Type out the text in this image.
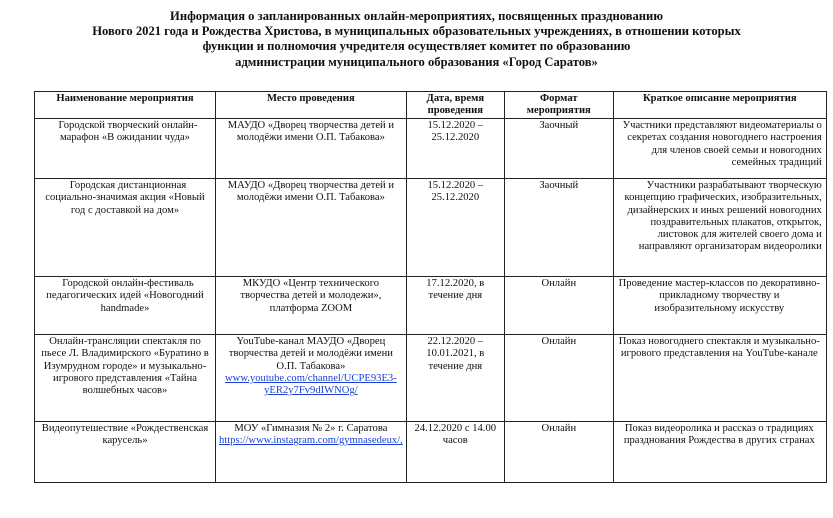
Информация о запланированных онлайн-мероприятиях, посвященных празднованию
Нового 2021 года и Рождества Христова, в муниципальных образовательных учреждениях, в отношении которых
функции и полномочия учредителя осуществляет комитет по образованию
администрации муниципального образования «Город Саратов»
Наименование мероприятия	Место проведения	Дата, время проведения	Формат мероприятия	Краткое описание мероприятия
Городской творческий онлайн-марафон «В ожидании чуда»	МАУДО «Дворец творчества детей и молодёжи имени О.П. Табакова»	15.12.2020 – 25.12.2020	Заочный	Участники представляют видеоматериалы о секретах создания новогоднего настроения для членов своей семьи и новогодних семейных традиций
Городская дистанционная социально-значимая акция «Новый год с доставкой на дом»	МАУДО «Дворец творчества детей и молодёжи имени О.П. Табакова»	15.12.2020 – 25.12.2020	Заочный	Участники разрабатывают творческую концепцию графических, изобразительных, дизайнерских и иных решений новогодних поздравительных плакатов, открыток, листовок для жителей своего дома и направляют организаторам видеоролики
Городской онлайн-фестиваль педагогических идей «Новогодний handmade»	МКУДО «Центр технического творчества детей и молодежи», платформа ZOOM	17.12.2020, в течение дня	Онлайн	Проведение мастер-классов по декоративно-прикладному творчеству и изобразительному искусству
Онлайн-трансляции спектакля по пьесе Л. Владимирского «Буратино в Изумрудном городе» и музыкально-игрового представления «Тайна волшебных часов»	YouTube-канал МАУДО «Дворец творчества детей и молодёжи имени О.П. Табакова» www.youtube.com/channel/UCPE93E3-yER2y7Fv9dIWNOg/	22.12.2020 – 10.01.2021, в течение дня	Онлайн	Показ новогоднего спектакля и музыкально-игрового представления на YouTube-канале
Видеопутешествие «Рождественская карусель»	МОУ «Гимназия № 2» г. Саратова https://www.instagram.com/gymnasedeux/,	24.12.2020 с 14.00 часов	Онлайн	Показ видеоролика и рассказ о традициях празднования Рождества в других странах
